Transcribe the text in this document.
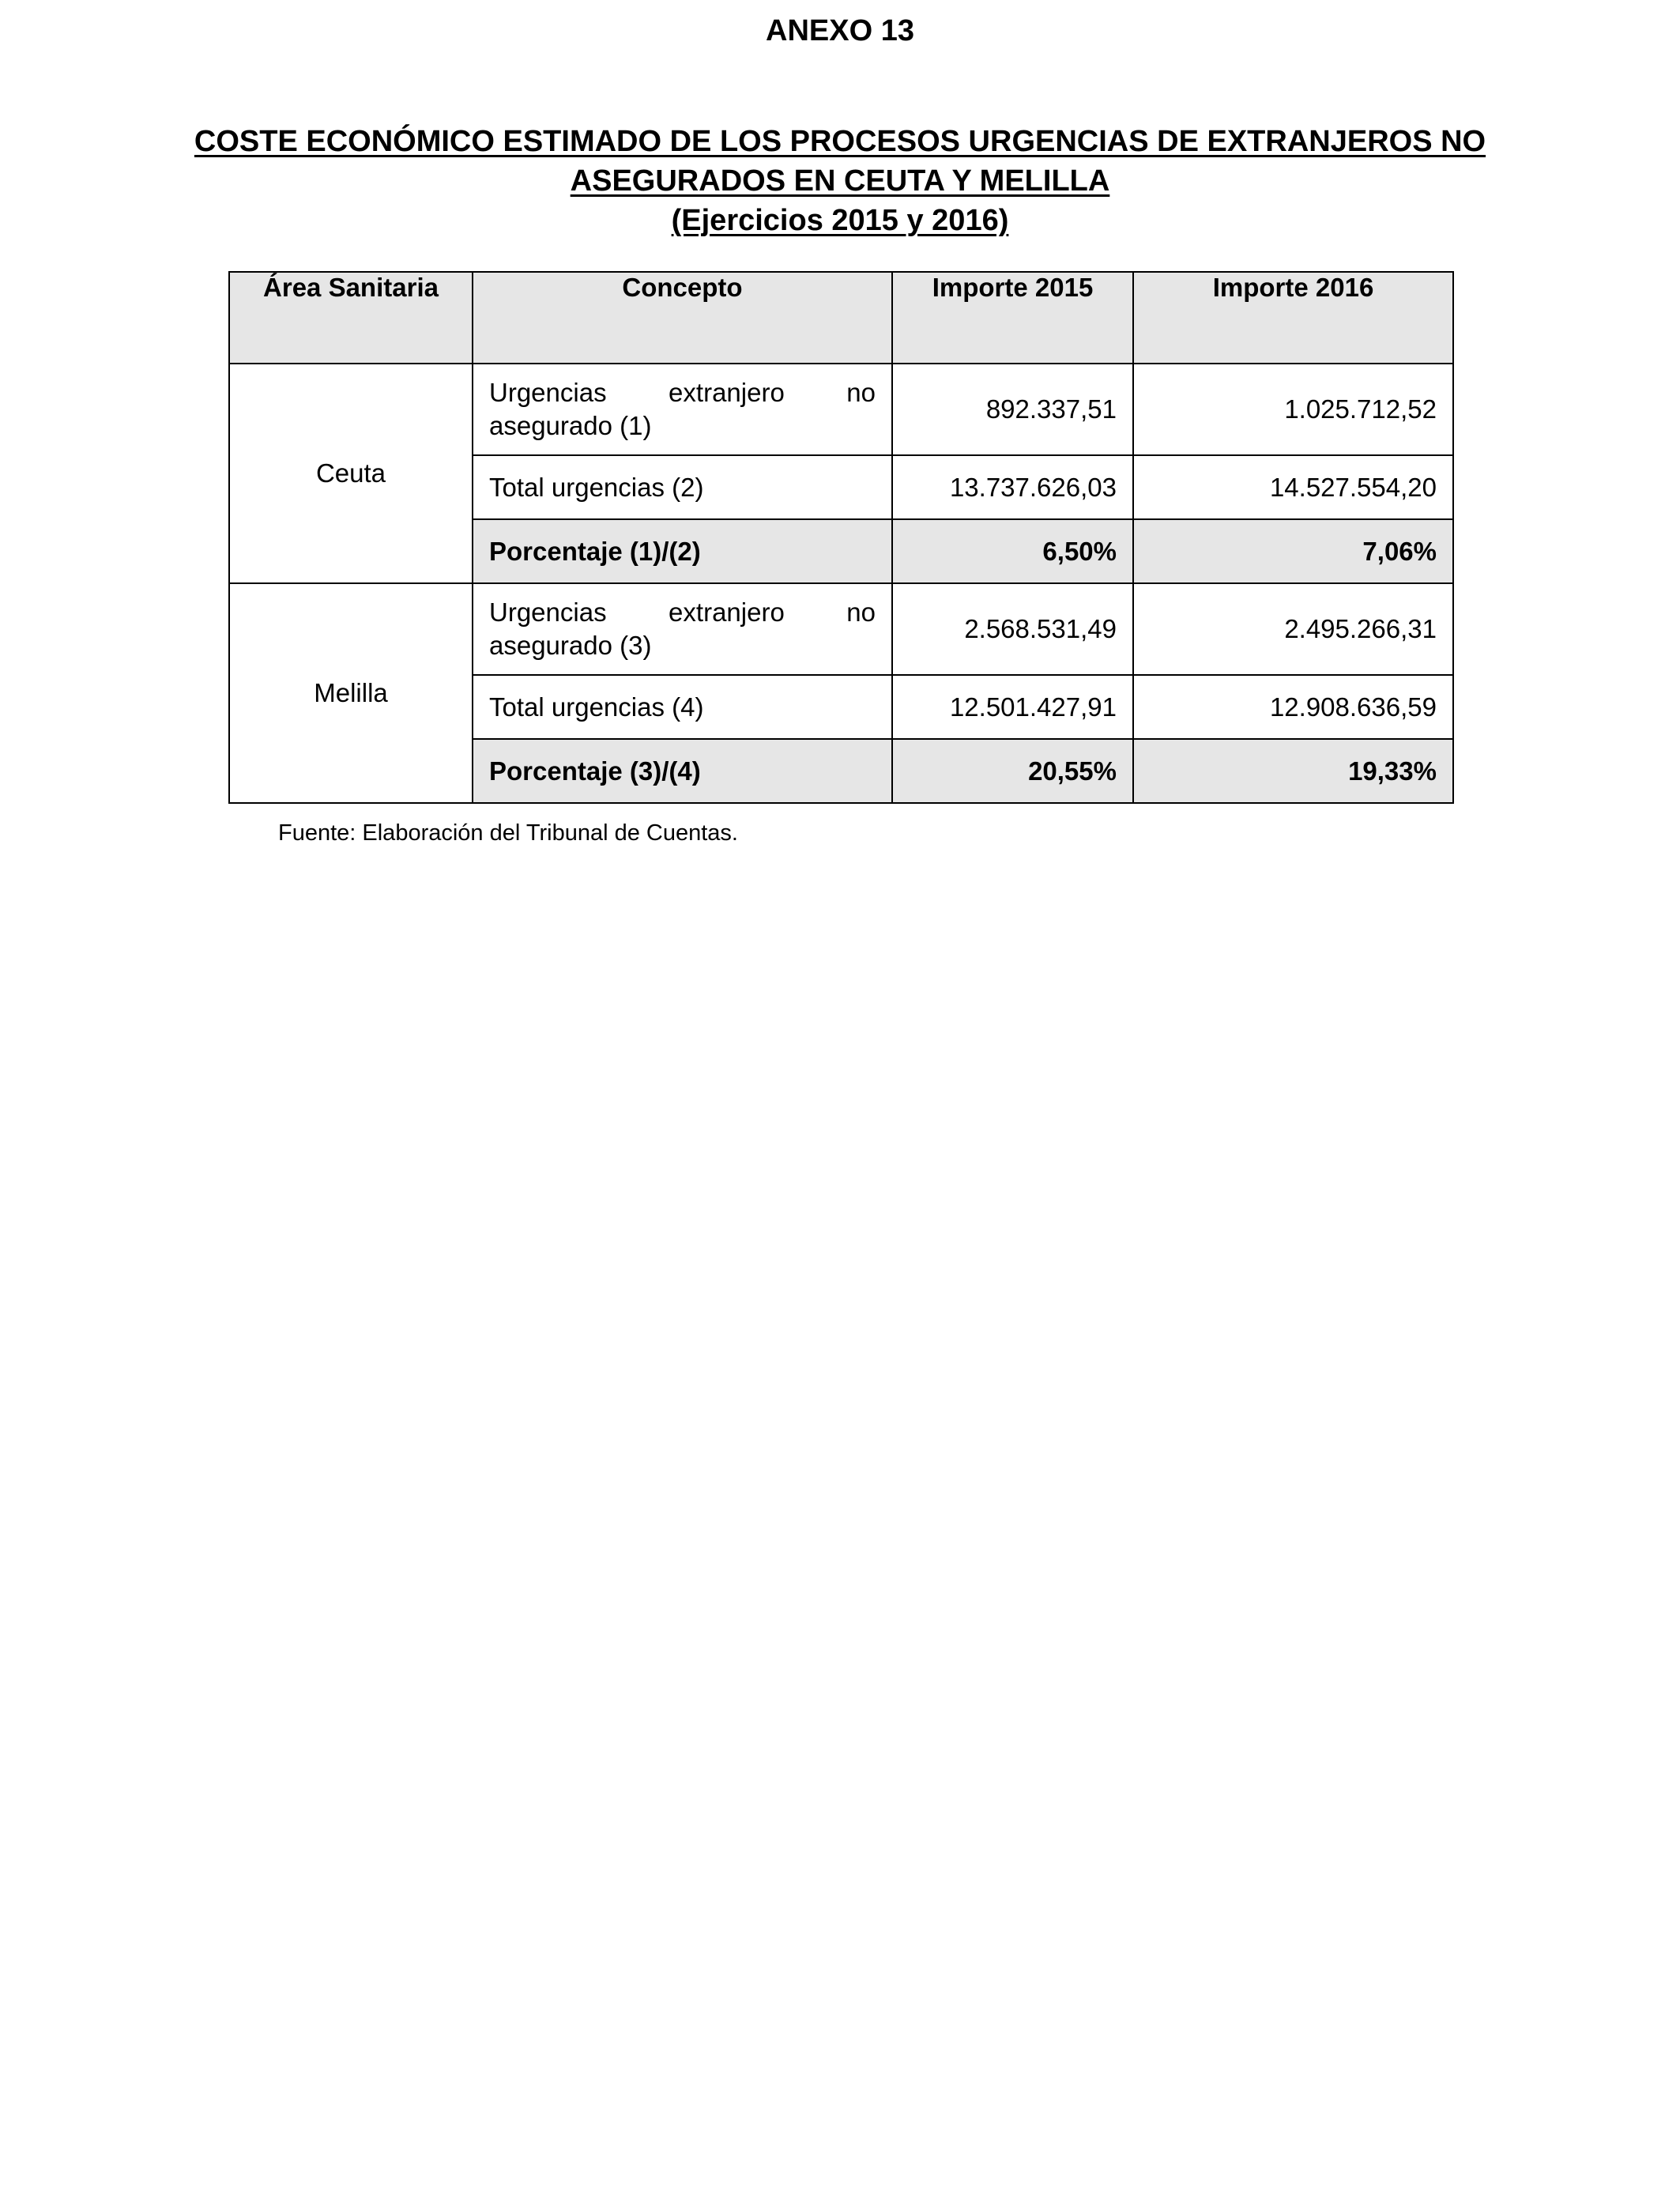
ANEXO 13
COSTE ECONÓMICO ESTIMADO DE LOS PROCESOS URGENCIAS DE EXTRANJEROS NO
ASEGURADOS EN CEUTA Y MELILLA
(Ejercicios 2015 y 2016)
Área Sanitaria	Concepto	Importe 2015	Importe 2016
Ceuta	Urgencias extranjero no asegurado (1)	892.337,51	1.025.712,52
	Total urgencias (2)	13.737.626,03	14.527.554,20
	Porcentaje (1)/(2)	6,50%	7,06%
Melilla	Urgencias extranjero no asegurado (3)	2.568.531,49	2.495.266,31
	Total urgencias (4)	12.501.427,91	12.908.636,59
	Porcentaje (3)/(4)	20,55%	19,33%
Fuente: Elaboración del Tribunal de Cuentas.
